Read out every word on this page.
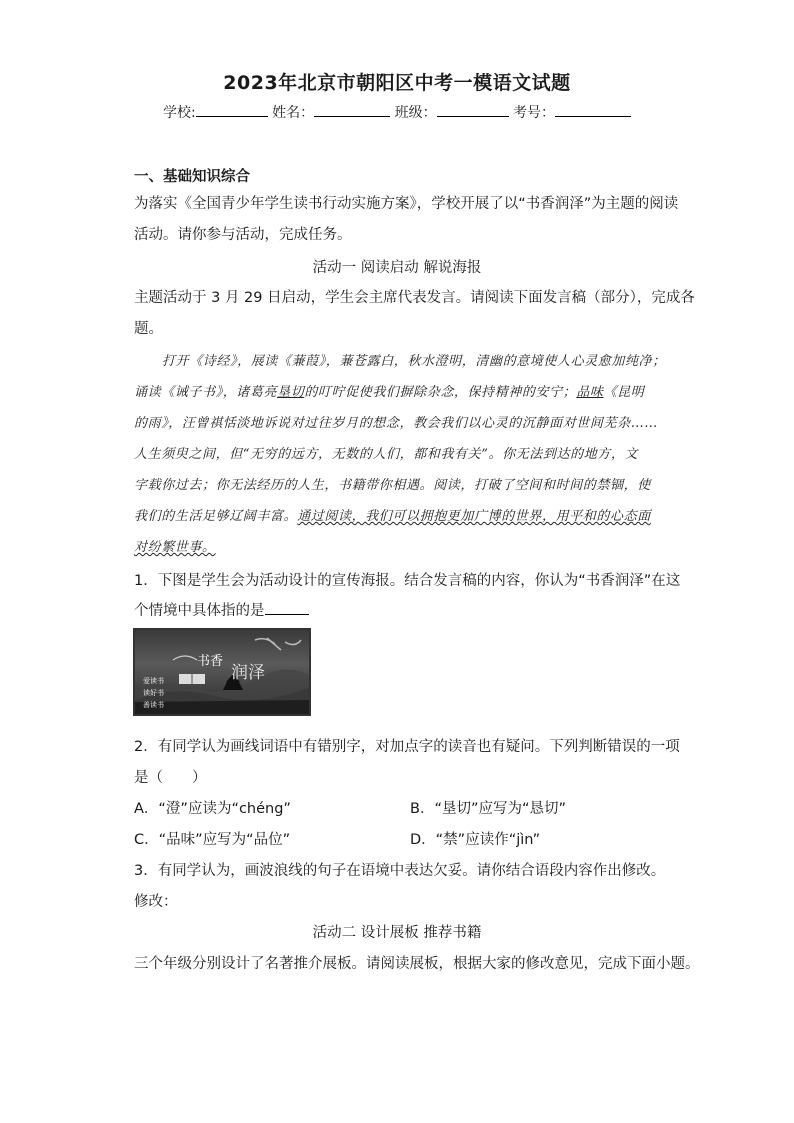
2023年北京市朝阳区中考一模语文试题
学校:	姓名：	班级：	考号：
一、基础知识综合
为落实《全国青少年学生读书行动实施方案》，学校开展了以“书香润泽”为主题的阅读
活动。请你参与活动，完成任务。
活动一 阅读启动 解说海报
主题活动于 3 月 29 日启动，学生会主席代表发言。请阅读下面发言稿（部分），完成各
题。
打开《诗经》，展读《蒹葭》，蒹苍露白，秋水澄明，清幽的意境使人心灵愈加纯净；
诵读《诫子书》，诸葛亮垦切的叮咛促使我们摒除杂念，保持精神的安宁；品味《昆明
的雨》，汪曾祺恬淡地诉说对过往岁月的想念，教会我们以心灵的沉静面对世间芜杂……
人生须臾之间，但“无穷的远方，无数的人们，都和我有关”。你无法到达的地方，文
字载你过去；你无法经历的人生，书籍带你相遇。阅读，打破了空间和时间的禁锢，使
我们的生活足够辽阔丰富。通过阅读，我们可以拥抱更加广博的世界，用平和的心态面
对纷繁世事。
1．下图是学生会为活动设计的宣传海报。结合发言稿的内容，你认为“书香润泽”在这
个情境中具体指的是
书香
润泽
爱读书
读好书
善读书
2．有同学认为画线词语中有错别字，对加点字的读音也有疑问。下列判断错误的一项
是（　　）
A．“澄”应读为“chéng”	B．“垦切”应写为“恳切”
C．“品味”应写为“品位”	D．“禁”应读作“jìn”
3．有同学认为，画波浪线的句子在语境中表达欠妥。请你结合语段内容作出修改。
修改：
活动二 设计展板 推荐书籍
三个年级分别设计了名著推介展板。请阅读展板，根据大家的修改意见，完成下面小题。
